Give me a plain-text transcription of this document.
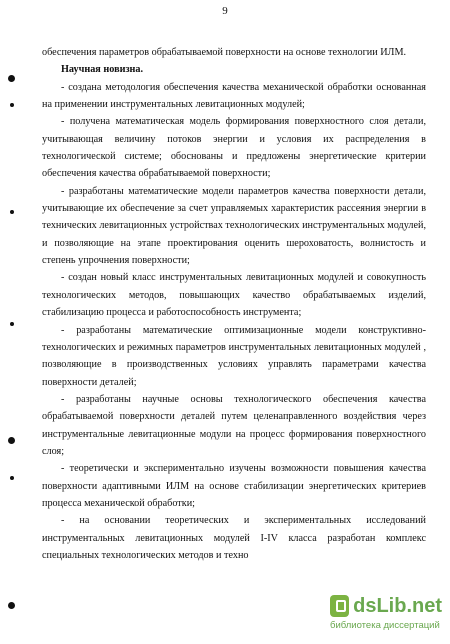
9

обеспечения параметров обрабатываемой поверхности на основе технологии ИЛМ.

Научная новизна.

- создана методология обеспечения качества механической обработки основанная на применении инструментальных левитационных модулей;

- получена математическая модель формирования поверхностного слоя детали, учитывающая величину потоков энергии и условия их распределения в технологической системе; обоснованы и предложены энергетические критерии обеспечения качества обрабатываемой поверхности;

- разработаны математические модели параметров качества поверхности детали, учитывающие их обеспечение за счет управляемых характеристик рассеяния энергии в технических левитационных устройствах технологических инструментальных модулей, и позволяющие на этапе проектирования оценить шероховатость, волнистость и степень упрочнения поверхности;

- создан новый класс инструментальных левитационных модулей и совокупность технологических методов, повышающих качество обрабатываемых изделий, стабилизацию процесса и работоспособность инструмента;

- разработаны математические оптимизационные модели конструктивно-технологических и режимных параметров инструментальных левитационных модулей , позволяющие в производственных условиях управлять параметрами качества поверхности деталей;

- разработаны научные основы технологического обеспечения качества обрабатываемой поверхности деталей путем целенаправленного воздействия через инструментальные левитационные модули на процесс формирования поверхностного слоя;

- теоретически и экспериментально изучены возможности повышения качества поверхности адаптивными ИЛМ на основе стабилизации энергетических критериев процесса механической обработки;

- на основании теоретических и экспериментальных исследований инструментальных левитационных модулей I-IV класса разработан комплекс специальных технологических методов и техно

dsLib.net
библиотека диссертаций
